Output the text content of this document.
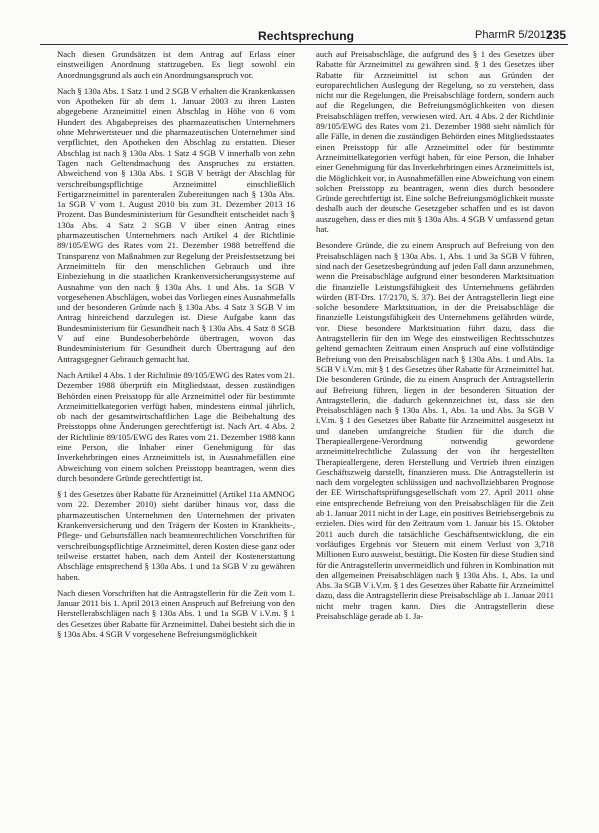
Rechtsprechung	PharmR 5/2017
235

Nach diesen Grundsätzen ist dem Antrag auf Erlass einer einstweiligen Anordnung stattzugeben. Es liegt sowohl ein Anordnungsgrund als auch ein Anordnungsanspruch vor.

Nach § 130a Abs. 1 Satz 1 und 2 SGB V erhalten die Krankenkassen von Apotheken für ab dem 1. Januar 2003 zu ihren Lasten abgegebene Arzneimittel einen Abschlag in Höhe von 6 vom Hundert des Abgabepreises des pharmazeutischen Unternehmers ohne Mehrwertsteuer und die pharmazeutischen Unternehmer sind verpflichtet, den Apotheken den Abschlag zu erstatten. Dieser Abschlag ist nach § 130a Abs. 1 Satz 4 SGB V innerhalb von zehn Tagen nach Geltendmachung des Anspruches zu erstatten. Abweichend von § 130a Abs. 1 SGB V beträgt der Abschlag für verschreibungspflichtige Arzneimittel einschließlich Fertigarzneimittel in parenteralen Zubereitungen nach § 130a Abs. 1a SGB V vom 1. August 2010 bis zum 31. Dezember 2013 16 Prozent. Das Bundesministerium für Gesundheit entscheidet nach § 130a Abs. 4 Satz 2 SGB V über einen Antrag eines pharmazeutischen Unternehmers nach Artikel 4 der Richtlinie 89/105/EWG des Rates vom 21. Dezember 1988 betreffend die Transparenz von Maßnahmen zur Regelung der Preisfestsetzung bei Arzneimitteln für den menschlichen Gebrauch und ihre Einbeziehung in die staatlichen Krankenversicherungssysteme auf Ausnahme von den nach § 130a Abs. 1 und Abs. 1a SGB V vorgesehenen Abschlägen, wobei das Vorliegen eines Ausnahmefalls und der besonderen Gründe nach § 130a Abs. 4 Satz 3 SGB V im Antrag hinreichend darzulegen ist. Diese Aufgabe kann das Bundesministerium für Gesundheit nach § 130a Abs. 4 Satz 8 SGB V auf eine Bundesoberbehörde übertragen, wovon das Bundesministerium für Gesundheit durch Übertragung auf den Antragsgegner Gebrauch gemacht hat.

Nach Artikel 4 Abs. 1 der Richtlinie 89/105/EWG des Rates vom 21. Dezember 1988 überprüft ein Mitgliedstaat, dessen zuständigen Behörden einen Preisstopp für alle Arzneimittel oder für bestimmte Arzneimittelkategorien verfügt haben, mindestens einmal jährlich, ob nach der gesamtwirtschaftlichen Lage die Beibehaltung des Preisstopps ohne Änderungen gerechtfertigt ist. Nach Art. 4 Abs. 2 der Richtlinie 89/105/EWG des Rates vom 21. Dezember 1988 kann eine Person, die Inhaber einer Genehmigung für das Inverkehrbringen eines Arzneimittels ist, in Ausnahmefällen eine Abweichung von einem solchen Preisstopp beantragen, wenn dies durch besondere Gründe gerechtfertigt ist.

§ 1 des Gesetzes über Rabatte für Arzneimittel (Artikel 11a AMNOG vom 22. Dezember 2010) sieht darüber hinaus vor, dass die pharmazeutischen Unternehmen den Unternehmen der privaten Krankenversicherung und den Trägern der Kosten in Krankheits-, Pflege- und Geburtsfällen nach beamtenrechtlichen Vorschriften für verschreibungspflichtige Arzneimittel, deren Kosten diese ganz oder teilweise erstattet haben, nach dem Anteil der Kostenerstattung Abschläge entsprechend § 130a Abs. 1 und 1a SGB V zu gewähren haben.

Nach diesen Vorschriften hat die Antragstellerin für die Zeit vom 1. Januar 2011 bis 1. April 2013 einen Anspruch auf Befreiung von den Herstellerabschlägen nach § 130a Abs. 1 und 1a SGB V i.V.m. § 1 des Gesetzes über Rabatte für Arzneimittel. Dabei besteht sich die in § 130a Abs. 4 SGB V vorgesehene Befreiungsmöglichkeit

auch auf Preisabschläge, die aufgrund des § 1 des Gesetzes über Rabatte für Arzneimittel zu gewähren sind. § 1 des Gesetzes über Rabatte für Arzneimittel ist schon aus Gründen der europarechtlichen Auslegung der Regelung, so zu verstehen, dass nicht nur die Regelungen, die Preisabschläge fordern, sondern auch auf die Regelungen, die Befreiungsmöglichkeiten von diesen Preisabschlägen treffen, verwiesen wird. Art. 4 Abs. 2 der Richtlinie 89/105/EWG des Rates vom 21. Dezember 1988 sieht nämlich für alle Fälle, in denen die zuständigen Behörden eines Mitgliedsstaates einen Preisstopp für alle Arzneimittel oder für bestimmte Arzneimittelkategorien verfügt haben, für eine Person, die Inhaber einer Genehmigung für das Inverkehrbringen eines Arzneimittels ist, die Möglichkeit vor, in Ausnahmefällen eine Abweichung von einem solchen Preisstopp zu beantragen, wenn dies durch besondere Gründe gerechtfertigt ist. Eine solche Befreiungsmöglichkeit musste deshalb auch der deutsche Gesetzgeber schaffen und es ist davon auszugehen, dass er dies mit § 130a Abs. 4 SGB V umfassend getan hat.

Besondere Gründe, die zu einem Anspruch auf Befreiung von den Preisabschlägen nach § 130a Abs. 1, Abs. 1 und 3a SGB V führen, sind nach der Gesetzesbegründung auf jeden Fall dann anzunehmen, wenn die Preisabschläge aufgrund einer besonderen Marktsituation die finanzielle Leistungsfähigkeit des Unternehmens gefährden würden (BT-Drs. 17/2170, S. 37). Bei der Antragstellerin liegt eine solche besondere Marktsituation, in der die Preisabschläge die finanzielle Leistungsfähigkeit des Unternehmens gefährden würde, vor. Diese besondere Marktsituation führt dazu, dass die Antragstellerin für den im Wege des einstweiligen Rechtsschutzes geltend gemachten Zeitraum einen Anspruch auf eine vollständige Befreiung von den Preisabschlägen nach § 130a Abs. 1 und Abs. 1a SGB V i.V.m. mit § 1 des Gesetzes über Rabatte für Arzneimittel hat. Die besonderen Gründe, die zu einem Anspruch der Antragstellerin auf Befreiung führen, liegen in der besonderen Situation der Antragstellerin, die dadurch gekennzeichnet ist, dass sie den Preisabschlägen nach § 130a Abs. 1, Abs. 1a und Abs. 3a SGB V i.V.m. § 1 des Gesetzes über Rabatte für Arzneimittel ausgesetzt ist und daneben umfangreiche Studien für die durch die Therapieallergene-Verordnung notwendig gewordene arzneimittelrechtliche Zulassung der von ihr hergestellten Therapieallergene, deren Herstellung und Vertrieb ihren einzigen Geschäftszweig darstellt, finanzieren muss. Die Antragstellerin ist nach dem vorgelegten schlüssigen und nachvollziehbaren Prognose der EE Wirtschaftsprüfungsgesellschaft vom 27. April 2011 ohne eine entsprechende Befreiung von den Preisabschlägen für die Zeit ab 1. Januar 2011 nicht in der Lage, ein positives Betriebsergebnis zu erzielen. Dies wird für den Zeitraum vom 1. Januar bis 15. Oktober 2011 auch durch die tatsächliche Geschäftsentwicklung, die ein vorläufiges Ergebnis vor Steuern mit einem Verlust von 3,718 Millionen Euro ausweist, bestätigt. Die Kosten für diese Studien sind für die Antragstellerin unvermeidlich und führen in Kombination mit den allgemeinen Preisabschlägen nach § 130a Abs. 1, Abs. 1a und Abs. 3a SGB V i.V.m. § 1 des Gesetzes über Rabatte für Arzneimittel dazu, dass die Antragstellerin diese Preisabschläge ab 1. Januar 2011 nicht mehr tragen kann. Dies die Antragstellerin diese Preisabschläge gerade ab 1. Ja-
